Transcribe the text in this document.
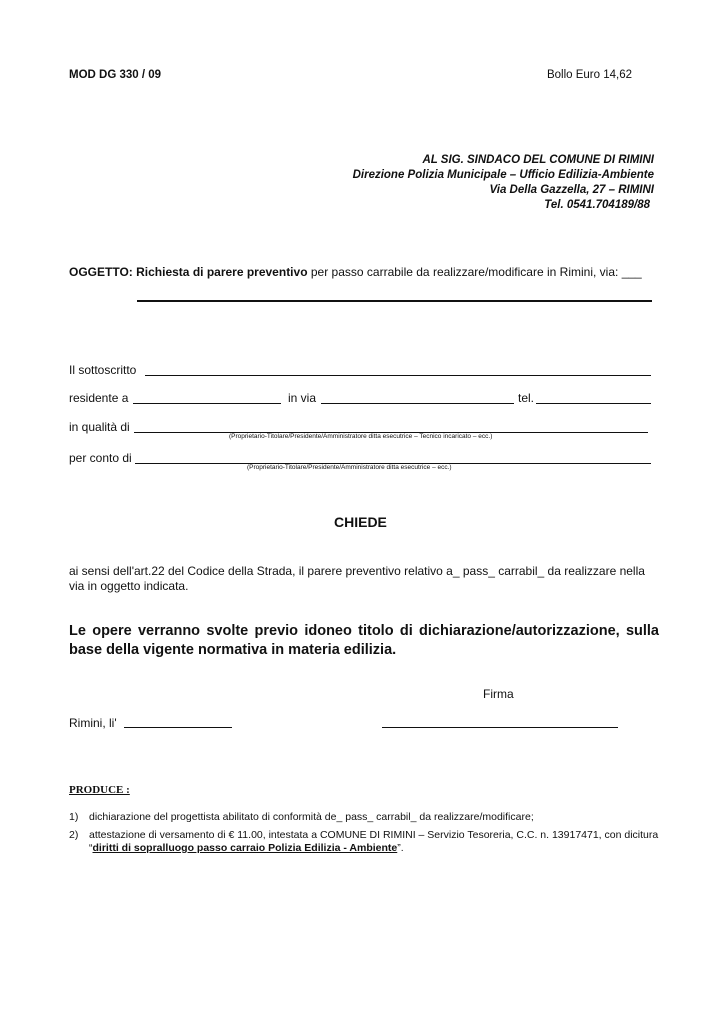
MOD DG 330 / 09	Bollo Euro 14,62
AL SIG. SINDACO DEL COMUNE DI RIMINI
Direzione Polizia Municipale – Ufficio Edilizia-Ambiente
Via Della Gazzella, 27 – RIMINI
Tel. 0541.704189/88
OGGETTO: Richiesta di parere preventivo per passo carrabile da realizzare/modificare in Rimini, via: ___
Il sottoscritto
residente a	in via	tel.
in qualità di
(Proprietario-Titolare/Presidente/Amministratore ditta esecutrice – Tecnico incaricato – ecc.)
per conto di
(Proprietario-Titolare/Presidente/Amministratore ditta esecutrice – ecc.)
CHIEDE
ai sensi dell'art.22 del Codice della Strada, il parere preventivo relativo a_ pass_ carrabil_ da realizzare nella via in oggetto indicata.
Le opere verranno svolte previo idoneo titolo di dichiarazione/autorizzazione, sulla base della vigente normativa in materia edilizia.
Firma
Rimini, li'
PRODUCE :
1) dichiarazione del progettista abilitato di conformità de_ pass_ carrabil_ da realizzare/modificare;
2) attestazione di versamento di € 11.00, intestata a COMUNE DI RIMINI – Servizio Tesoreria, C.C. n. 13917471, con dicitura “diritti di sopralluogo passo carraio Polizia Edilizia - Ambiente”.
